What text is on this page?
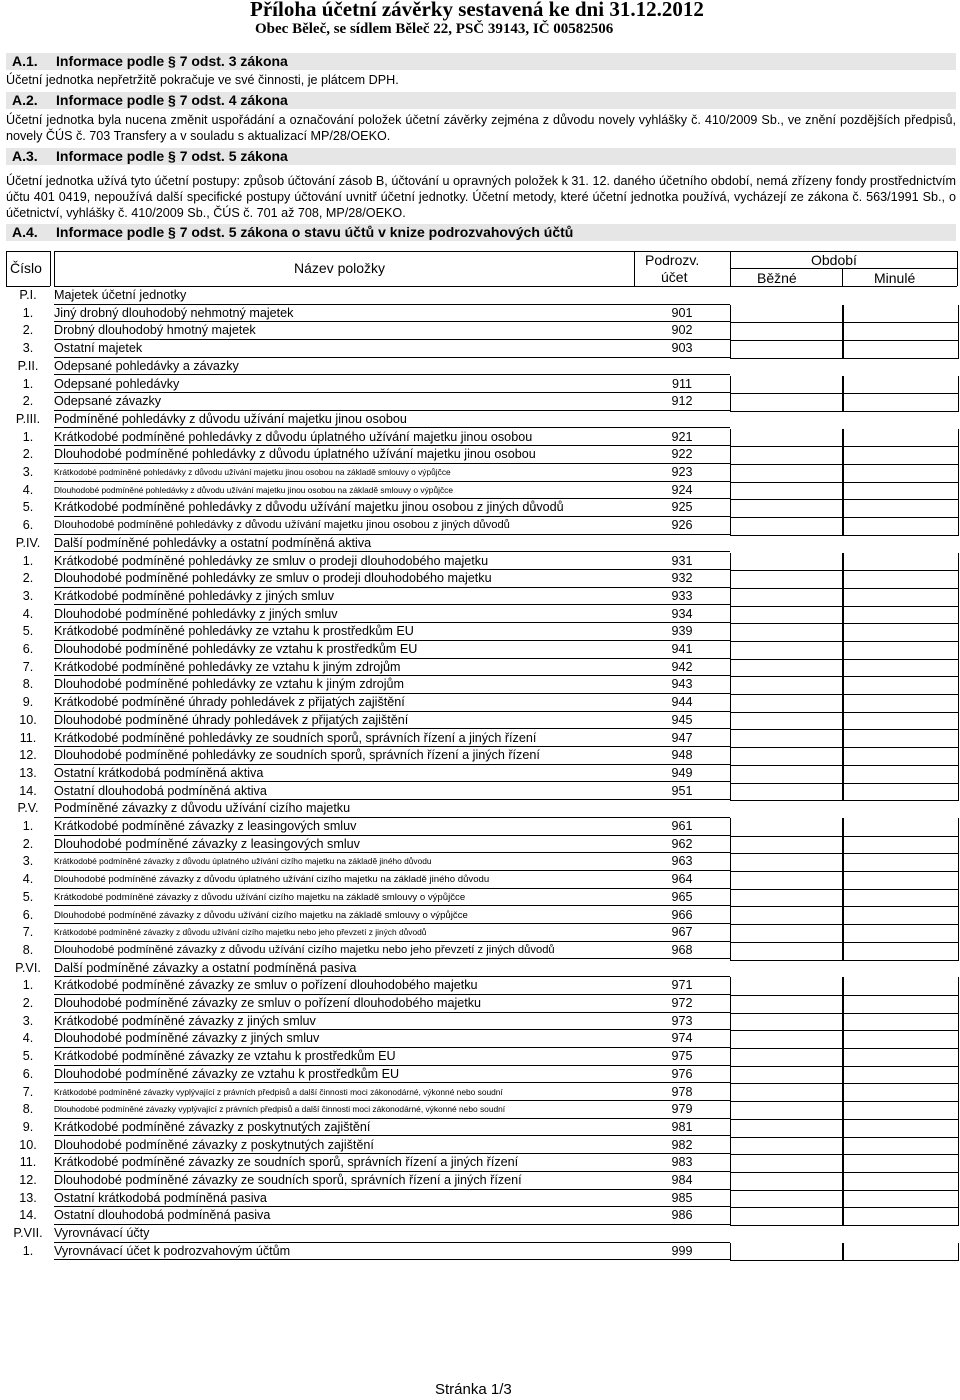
Příloha účetní závěrky sestavená ke dni 31.12.2012
Obec Běleč, se sídlem Běleč 22, PSČ 39143, IČ 00582506
A.1. Informace podle § 7 odst. 3 zákona
Účetní jednotka nepřetržitě pokračuje ve své činnosti, je plátcem DPH.
A.2. Informace podle § 7 odst. 4 zákona
Účetní jednotka byla nucena změnit uspořádání a označování položek účetní závěrky zejména z důvodu novely vyhlášky č. 410/2009 Sb., ve znění pozdějších předpisů, novely ČÚS č. 703 Transfery a v souladu s aktualizací MP/28/OEKO.
A.3. Informace podle § 7 odst. 5 zákona
Účetní jednotka užívá tyto účetní postupy: způsob účtování zásob B, účtování u opravných položek k 31. 12. daného účetního období, nemá zřízeny fondy prostřednictvím účtu 401 0419, nepoužívá další specifické postupy účtování uvnitř účetní jednotky. Účetní metody, které účetní jednotka používá, vycházejí ze zákona č. 563/1991 Sb., o účetnictví, vyhlášky č. 410/2009 Sb., ČÚS č. 701 až 708, MP/28/OEKO.
A.4. Informace podle § 7 odst. 5 zákona o stavu účtů v knize podrozvahových účtů
Číslo	Název položky	Podrozv.
účet
Období
Běžné	Minulé
P.I.	Majetek účetní jednotky
1.	Jiný drobný dlouhodobý nehmotný majetek	901
2.	Drobný dlouhodobý hmotný majetek	902
3.	Ostatní majetek	903
P.II.	Odepsané pohledávky a závazky
1.	Odepsané pohledávky	911
2.	Odepsané závazky	912
P.III.	Podmíněné pohledávky z důvodu užívání majetku jinou osobou
1.	Krátkodobé podmíněné pohledávky z důvodu úplatného užívání majetku jinou osobou	921
2.	Dlouhodobé podmíněné pohledávky z důvodu úplatného užívání majetku jinou osobou	922
3.	Krátkodobé podmíněné pohledávky z důvodu užívání majetku jinou osobou na základě smlouvy o výpůjčce	923
4.	Dlouhodobé podmíněné pohledávky z důvodu užívání majetku jinou osobou na základě smlouvy o výpůjčce	924
5.	Krátkodobé podmíněné pohledávky z důvodu užívání majetku jinou osobou z jiných důvodů	925
6.	Dlouhodobé podmíněné pohledávky z důvodu užívání majetku jinou osobou z jiných důvodů	926
P.IV.	Další podmíněné pohledávky a ostatní podmíněná aktiva
1.	Krátkodobé podmíněné pohledávky ze smluv o prodeji dlouhodobého majetku	931
2.	Dlouhodobé podmíněné pohledávky ze smluv o prodeji dlouhodobého majetku	932
3.	Krátkodobé podmíněné pohledávky z jiných smluv	933
4.	Dlouhodobé podmíněné pohledávky z jiných smluv	934
5.	Krátkodobé podmíněné pohledávky ze vztahu k prostředkům EU	939
6.	Dlouhodobé podmíněné pohledávky ze vztahu k prostředkům EU	941
7.	Krátkodobé podmíněné pohledávky ze vztahu k jiným zdrojům	942
8.	Dlouhodobé podmíněné pohledávky ze vztahu k jiným zdrojům	943
9.	Krátkodobé podmíněné úhrady pohledávek z přijatých zajištění	944
10.	Dlouhodobé podmíněné úhrady pohledávek z přijatých zajištění	945
11.	Krátkodobé podmíněné pohledávky ze soudních sporů, správních řízení a jiných řízení	947
12.	Dlouhodobé podmíněné pohledávky ze soudních sporů, správních řízení a jiných řízení	948
13.	Ostatní krátkodobá podmíněná aktiva	949
14.	Ostatní dlouhodobá podmíněná aktiva	951
P.V.	Podmíněné závazky z důvodu užívání cizího majetku
1.	Krátkodobé podmíněné závazky z leasingových smluv	961
2.	Dlouhodobé podmíněné závazky z leasingových smluv	962
3.	Krátkodobé podmíněné závazky z důvodu úplatného užívání cizího majetku na základě jiného důvodu	963
4.	Dlouhodobé podmíněné závazky z důvodu úplatného užívání cizího majetku na základě jiného důvodu	964
5.	Krátkodobé podmíněné závazky z důvodu užívání cizího majetku na základě smlouvy o výpůjčce	965
6.	Dlouhodobé podmíněné závazky z důvodu užívání cizího majetku na základě smlouvy o výpůjčce	966
7.	Krátkodobé podmíněné závazky z důvodu užívání cizího majetku nebo jeho převzetí z jiných důvodů	967
8.	Dlouhodobé podmíněné závazky z důvodu užívání cizího majetku nebo jeho převzetí z jiných důvodů	968
P.VI.	Další podmíněné závazky a ostatní podmíněná pasiva
1.	Krátkodobé podmíněné závazky ze smluv o pořízení dlouhodobého majetku	971
2.	Dlouhodobé podmíněné závazky ze smluv o pořízení dlouhodobého majetku	972
3.	Krátkodobé podmíněné závazky z jiných smluv	973
4.	Dlouhodobé podmíněné závazky z jiných smluv	974
5.	Krátkodobé podmíněné závazky ze vztahu k prostředkům EU	975
6.	Dlouhodobé podmíněné závazky ze vztahu k prostředkům EU	976
7.	Krátkodobé podmíněné závazky vyplývající z právních předpisů a další činnosti moci zákonodárné, výkonné nebo soudní	978
8.	Dlouhodobé podmíněné závazky vyplývající z právních předpisů a další činnosti moci zákonodárné, výkonné nebo soudní	979
9.	Krátkodobé podmíněné závazky z poskytnutých zajištění	981
10.	Dlouhodobé podmíněné závazky z poskytnutých zajištění	982
11.	Krátkodobé podmíněné závazky ze soudních sporů, správních řízení a jiných řízení	983
12.	Dlouhodobé podmíněné závazky ze soudních sporů, správních řízení a jiných řízení	984
13.	Ostatní krátkodobá podmíněná pasiva	985
14.	Ostatní dlouhodobá podmíněná pasiva	986
P.VII. Vyrovnávací účty
1.	Vyrovnávací účet k podrozvahovým účtům	999
Stránka 1/3
